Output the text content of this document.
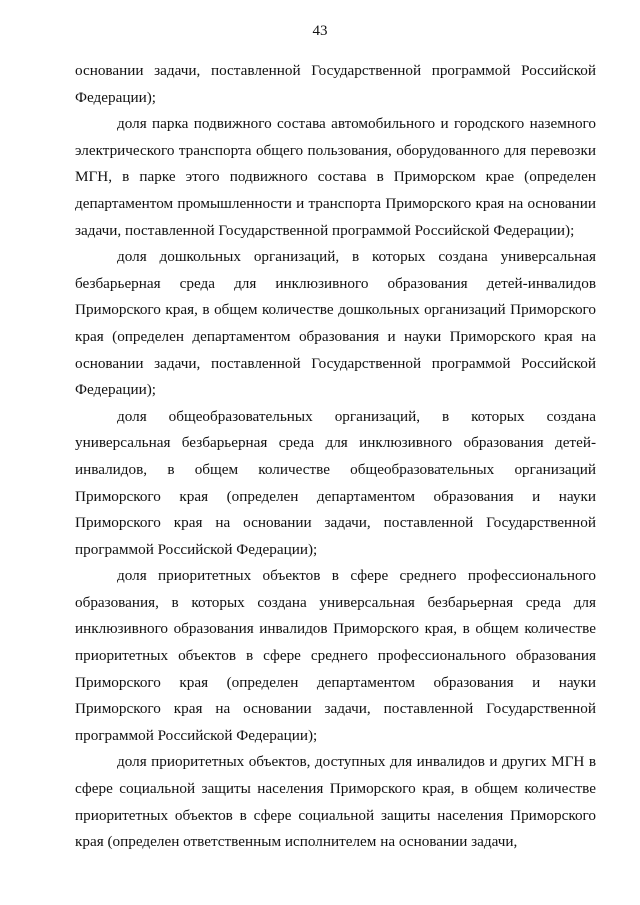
43

основании задачи, поставленной Государственной программой Российской Федерации);

доля парка подвижного состава автомобильного и городского наземного электрического транспорта общего пользования, оборудованного для перевозки МГН, в парке этого подвижного состава в Приморском крае (определен департаментом промышленности и транспорта Приморского края на основании задачи, поставленной Государственной программой Российской Федерации);

доля дошкольных организаций, в которых создана универсальная безбарьерная среда для инклюзивного образования детей-инвалидов Приморского края, в общем количестве дошкольных организаций Приморского края (определен департаментом образования и науки Приморского края на основании задачи, поставленной Государственной программой Российской Федерации);

доля общеобразовательных организаций, в которых создана универсальная безбарьерная среда для инклюзивного образования детей-инвалидов, в общем количестве общеобразовательных организаций Приморского края (определен департаментом образования и науки Приморского края на основании задачи, поставленной Государственной программой Российской Федерации);

доля приоритетных объектов в сфере среднего профессионального образования, в которых создана универсальная безбарьерная среда для инклюзивного образования инвалидов Приморского края, в общем количестве приоритетных объектов в сфере среднего профессионального образования Приморского края (определен департаментом образования и науки Приморского края на основании задачи, поставленной Государственной программой Российской Федерации);

доля приоритетных объектов, доступных для инвалидов и других МГН в сфере социальной защиты населения Приморского края, в общем количестве приоритетных объектов в сфере социальной защиты населения Приморского края (определен ответственным исполнителем на основании задачи,
